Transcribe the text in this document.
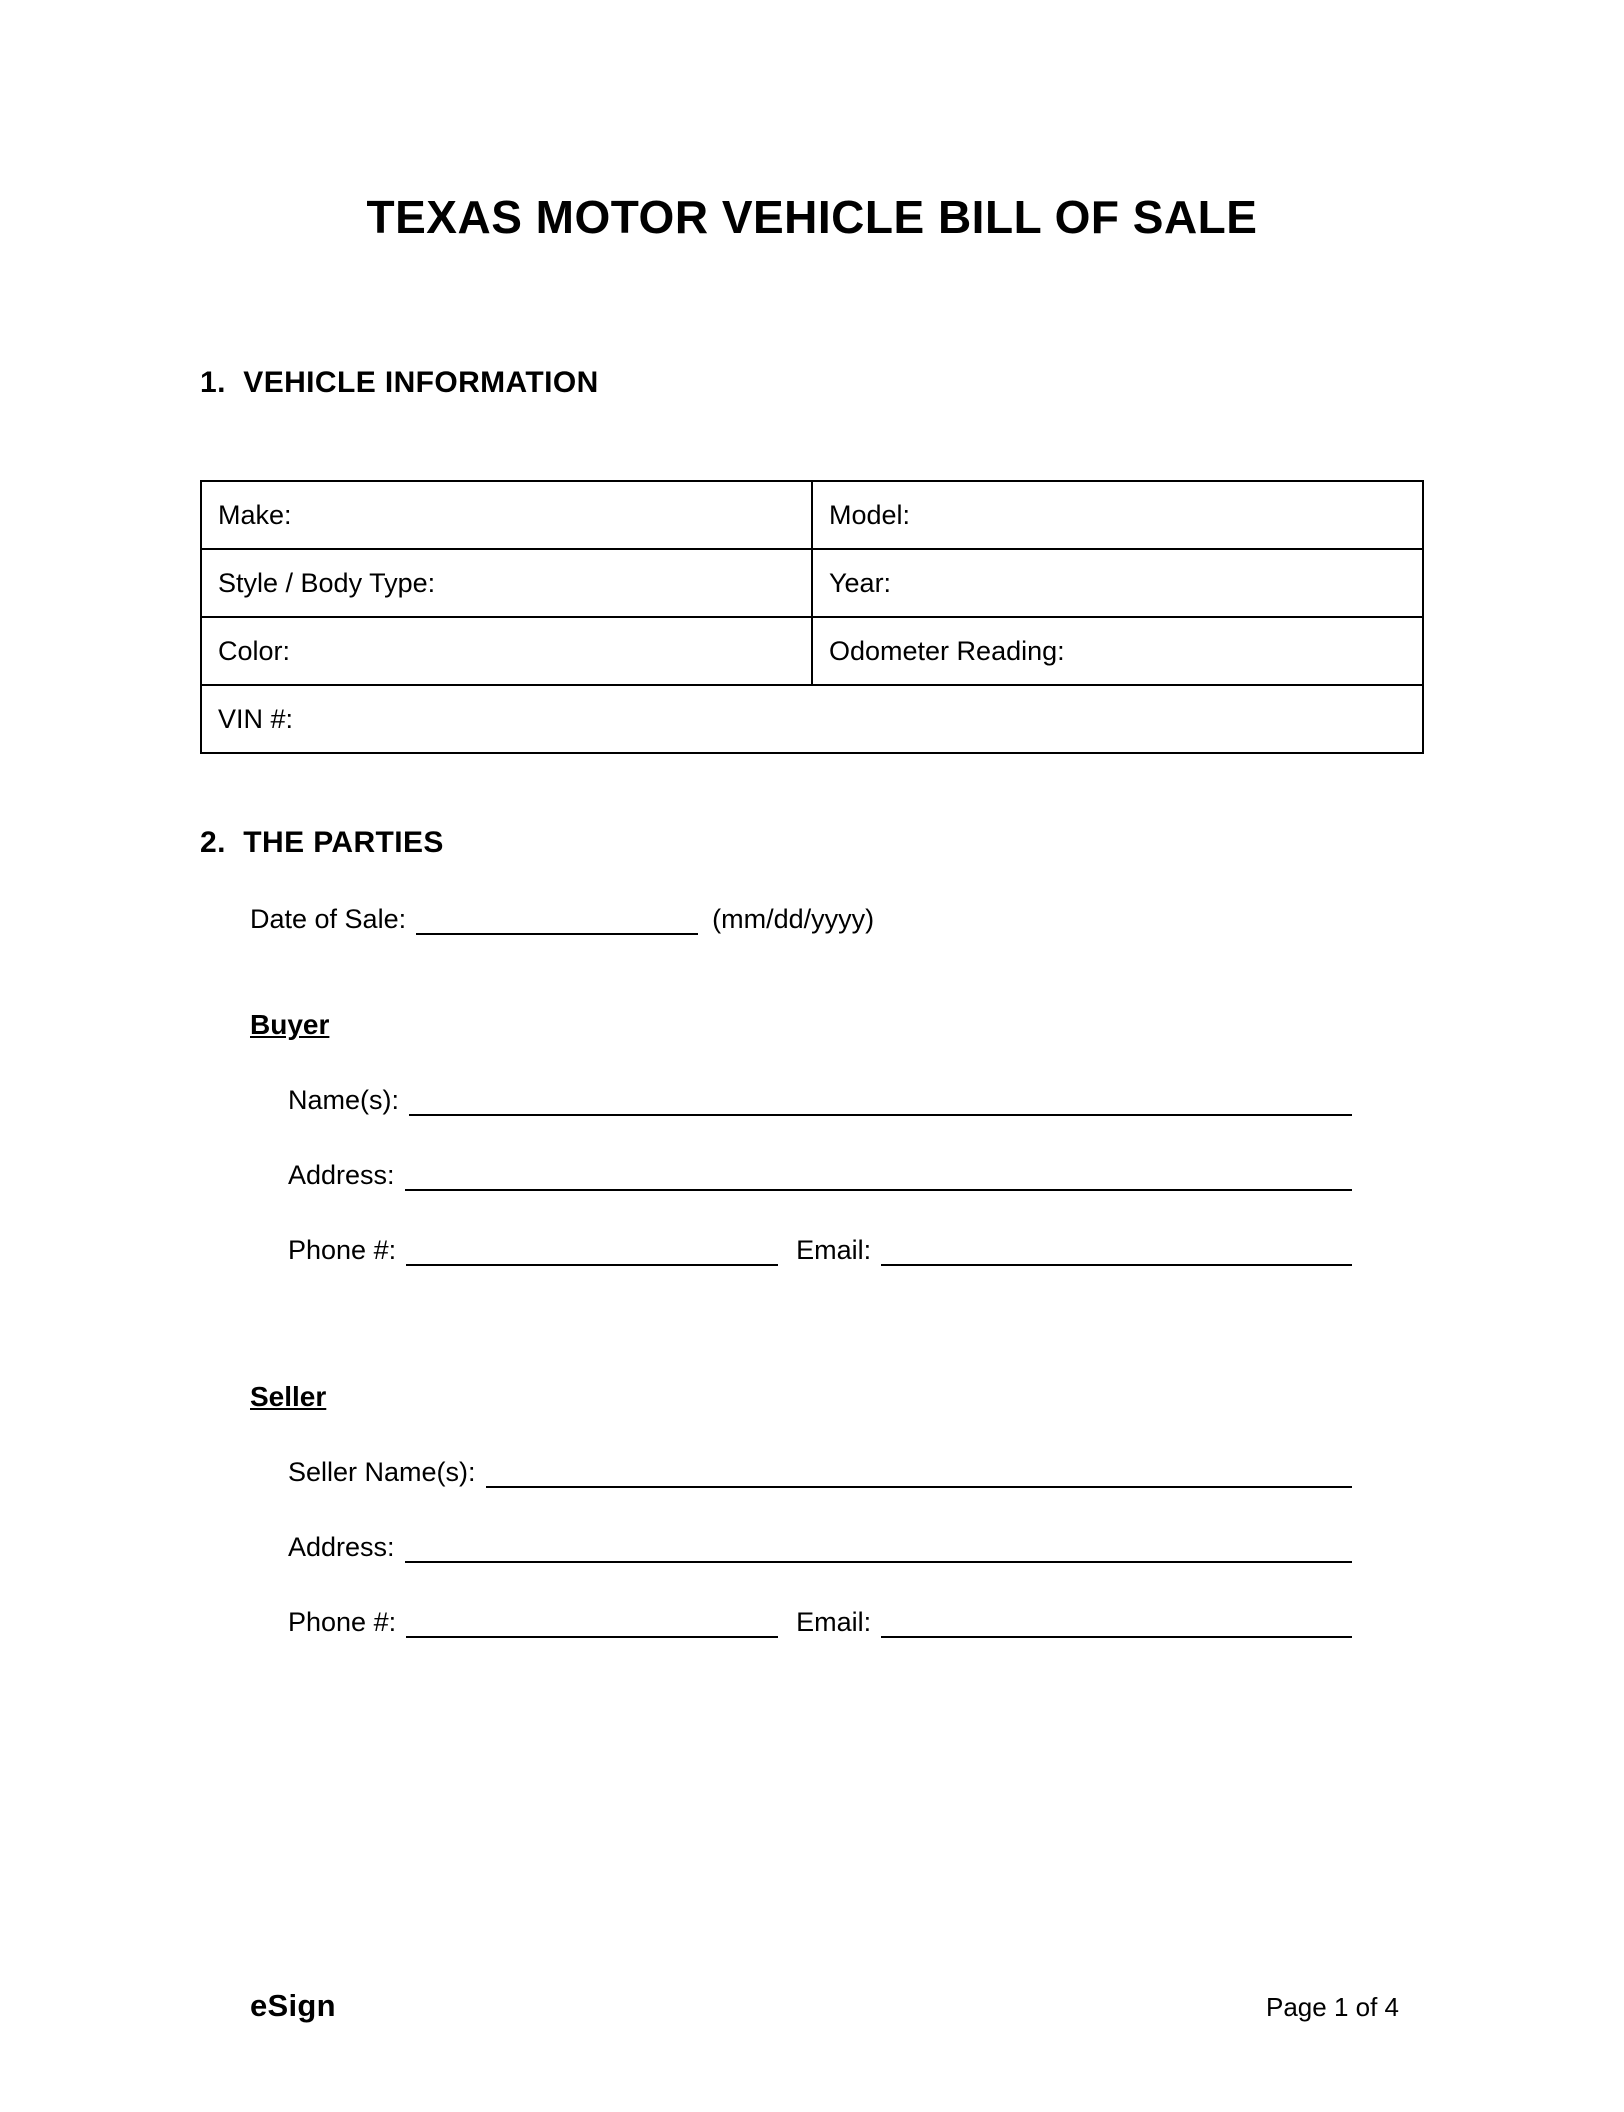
TEXAS MOTOR VEHICLE BILL OF SALE
1.  VEHICLE INFORMATION
Make:	Model:
Style / Body Type:	Year:
Color:	Odometer Reading:
VIN #:	
2.  THE PARTIES
Date of Sale:	(mm/dd/yyyy)
Buyer
Name(s):
Address:
Phone #:	Email:
Seller
Seller Name(s):
Address:
Phone #:	Email:
eSign	Page 1 of 4
